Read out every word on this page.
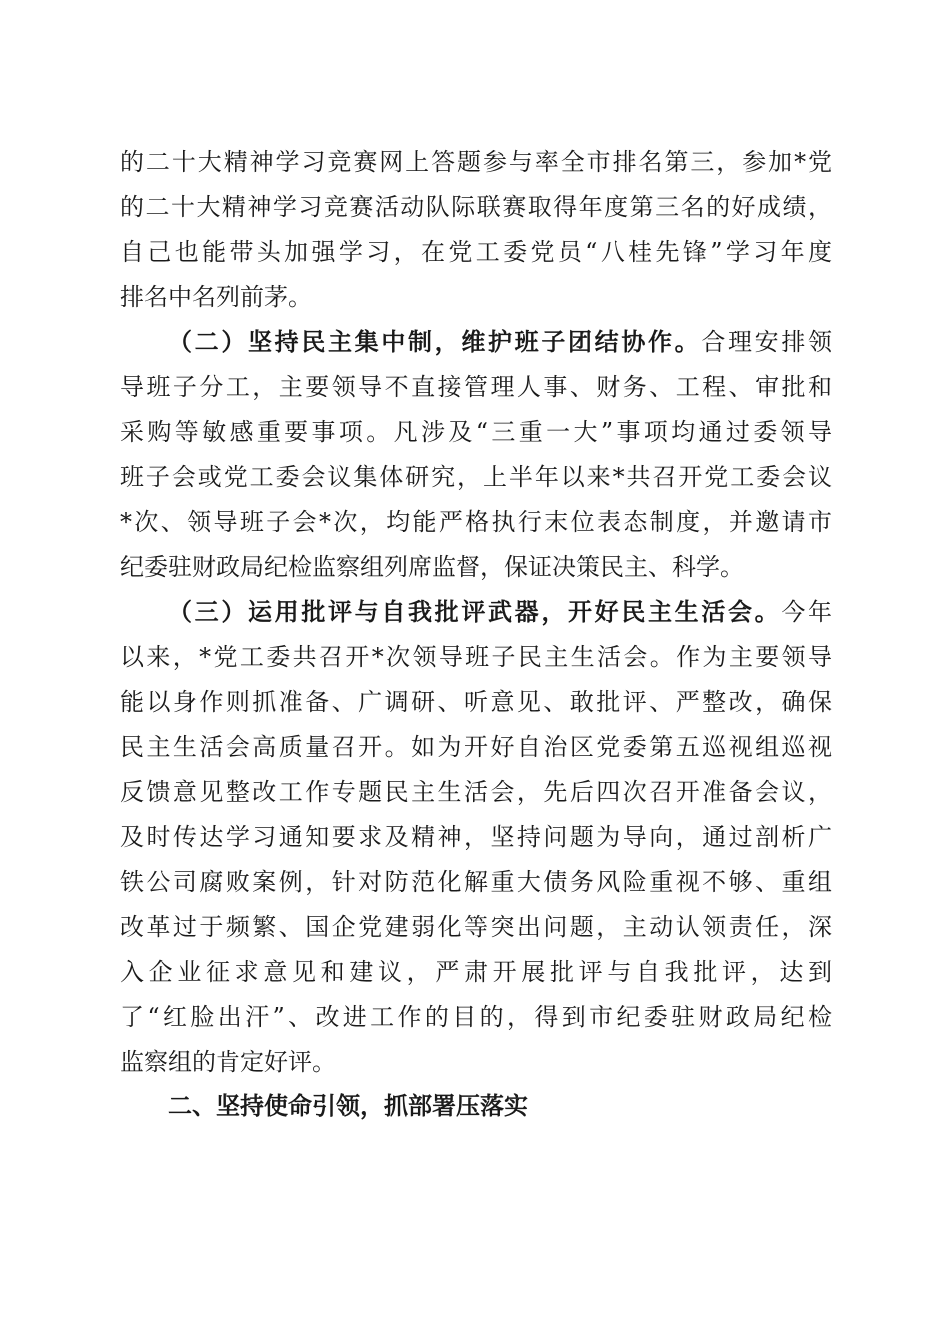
的二十大精神学习竞赛网上答题参与率全市排名第三，参加*党
的二十大精神学习竞赛活动队际联赛取得年度第三名的好成绩，
自己也能带头加强学习，在党工委党员“八桂先锋”学习年度
排名中名列前茅。
（二）坚持民主集中制，维护班子团结协作。合理安排领
导班子分工，主要领导不直接管理人事、财务、工程、审批和
采购等敏感重要事项。凡涉及“三重一大”事项均通过委领导
班子会或党工委会议集体研究，上半年以来*共召开党工委会议
*次、领导班子会*次，均能严格执行末位表态制度，并邀请市
纪委驻财政局纪检监察组列席监督，保证决策民主、科学。
（三）运用批评与自我批评武器，开好民主生活会。今年
以来，*党工委共召开*次领导班子民主生活会。作为主要领导
能以身作则抓准备、广调研、听意见、敢批评、严整改，确保
民主生活会高质量召开。如为开好自治区党委第五巡视组巡视
反馈意见整改工作专题民主生活会，先后四次召开准备会议，
及时传达学习通知要求及精神，坚持问题为导向，通过剖析广
铁公司腐败案例，针对防范化解重大债务风险重视不够、重组
改革过于频繁、国企党建弱化等突出问题，主动认领责任，深
入企业征求意见和建议，严肃开展批评与自我批评，达到
了“红脸出汗”、改进工作的目的，得到市纪委驻财政局纪检
监察组的肯定好评。
二、坚持使命引领，抓部署压落实
